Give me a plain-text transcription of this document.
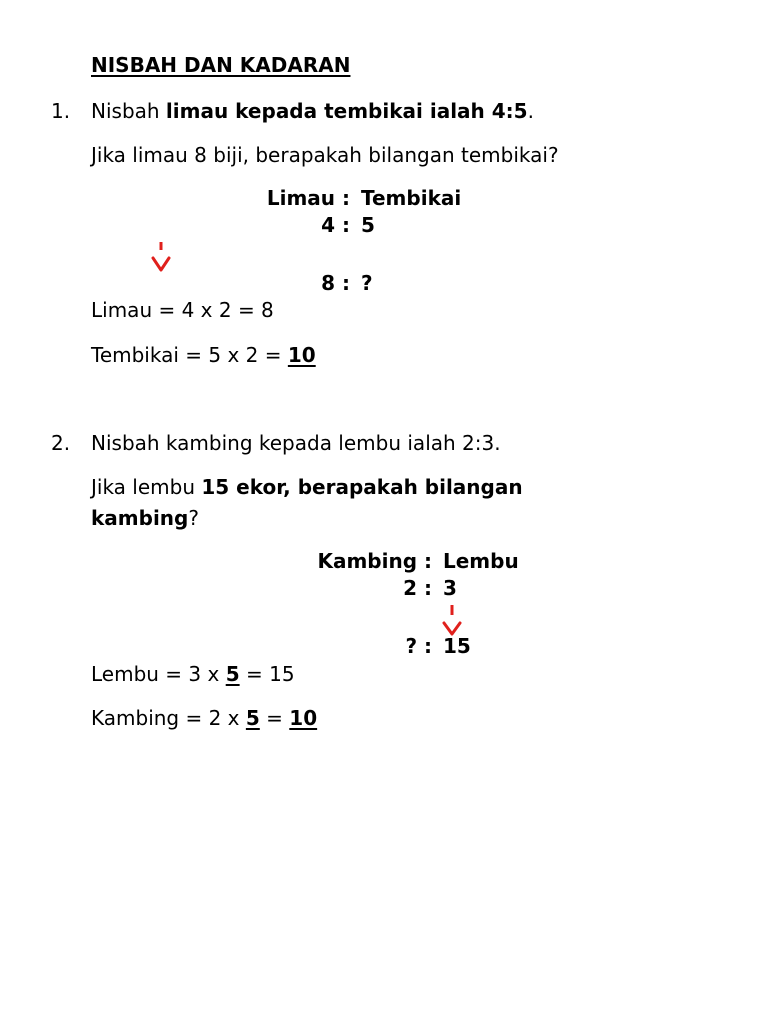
NISBAH DAN KADARAN
1. Nisbah limau kepada tembikai ialah 4:5.
Jika limau 8 biji, berapakah bilangan tembikai?
Limau : Tembikai
4 : 5
8 : ?
Limau = 4 x 2 = 8
Tembikai = 5 x 2 = 10
2. Nisbah kambing kepada lembu ialah 2:3.
Jika lembu 15 ekor, berapakah bilangan
kambing?
Kambing : Lembu
2 : 3
? : 15
Lembu = 3 x 5 = 15
Kambing = 2 x 5 = 10
